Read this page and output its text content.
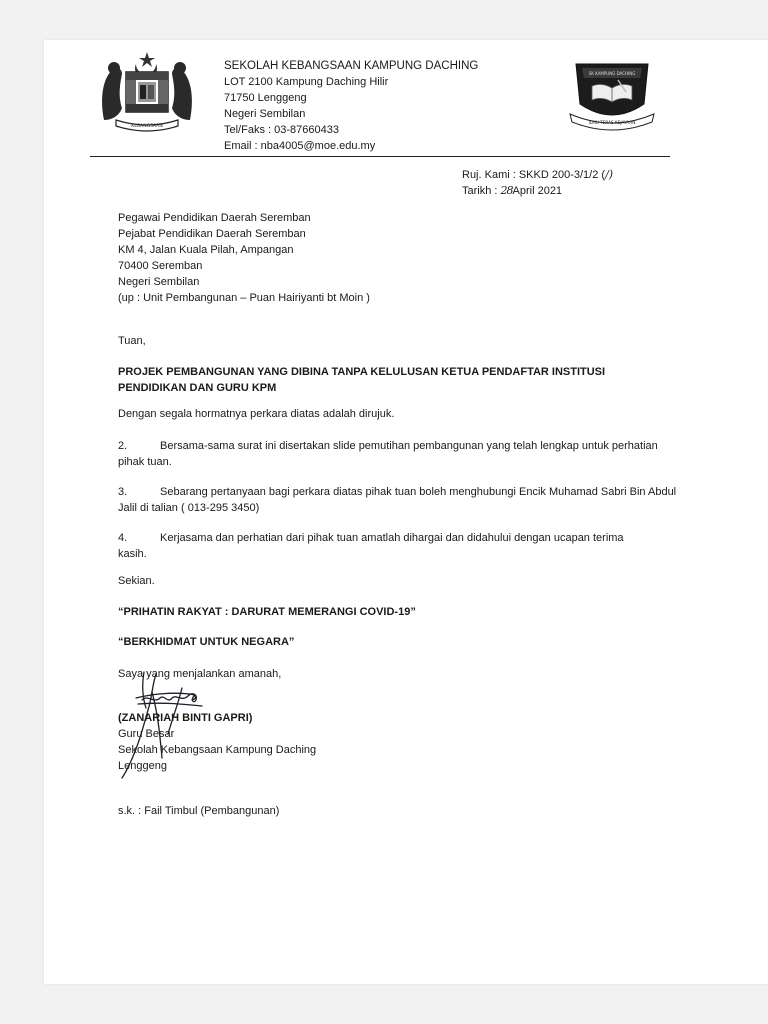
KEBANGSAAN
SEKOLAH KEBANGSAAN KAMPUNG DACHING
LOT 2100 Kampung Daching Hilir
71750 Lenggeng
Negeri Sembilan
Tel/Faks : 03-87660433
Email : nba4005@moe.edu.my
SK KAMPUNG DACHING
ILMU TERAS KEJAYAAN
Ruj. Kami : SKKD 200-3/1/2 (/)
Tarikh : 28April 2021
Pegawai Pendidikan Daerah Seremban
Pejabat Pendidikan Daerah Seremban
KM 4, Jalan Kuala Pilah, Ampangan
70400 Seremban
Negeri Sembilan
(up : Unit Pembangunan – Puan Hairiyanti bt Moin )
Tuan,
PROJEK PEMBANGUNAN YANG DIBINA TANPA KELULUSAN KETUA PENDAFTAR INSTITUSI PENDIDIKAN DAN GURU KPM
Dengan segala hormatnya perkara diatas adalah dirujuk.
2.	Bersama-sama surat ini disertakan slide pemutihan pembangunan yang telah lengkap untuk perhatian pihak tuan.
3.	Sebarang pertanyaan bagi perkara diatas pihak tuan boleh menghubungi Encik Muhamad Sabri Bin Abdul Jalil di talian ( 013-295 3450)
4.	Kerjasama dan perhatian dari pihak tuan amatlah dihargai dan didahului dengan ucapan terima kasih.
Sekian.
“PRIHATIN RAKYAT : DARURAT MEMERANGI COVID-19”
“BERKHIDMAT UNTUK NEGARA”
Saya yang menjalankan amanah,
(ZANARIAH BINTI GAPRI)
Guru Besar
Sekolah Kebangsaan Kampung Daching
Lenggeng
s.k. : Fail Timbul (Pembangunan)
